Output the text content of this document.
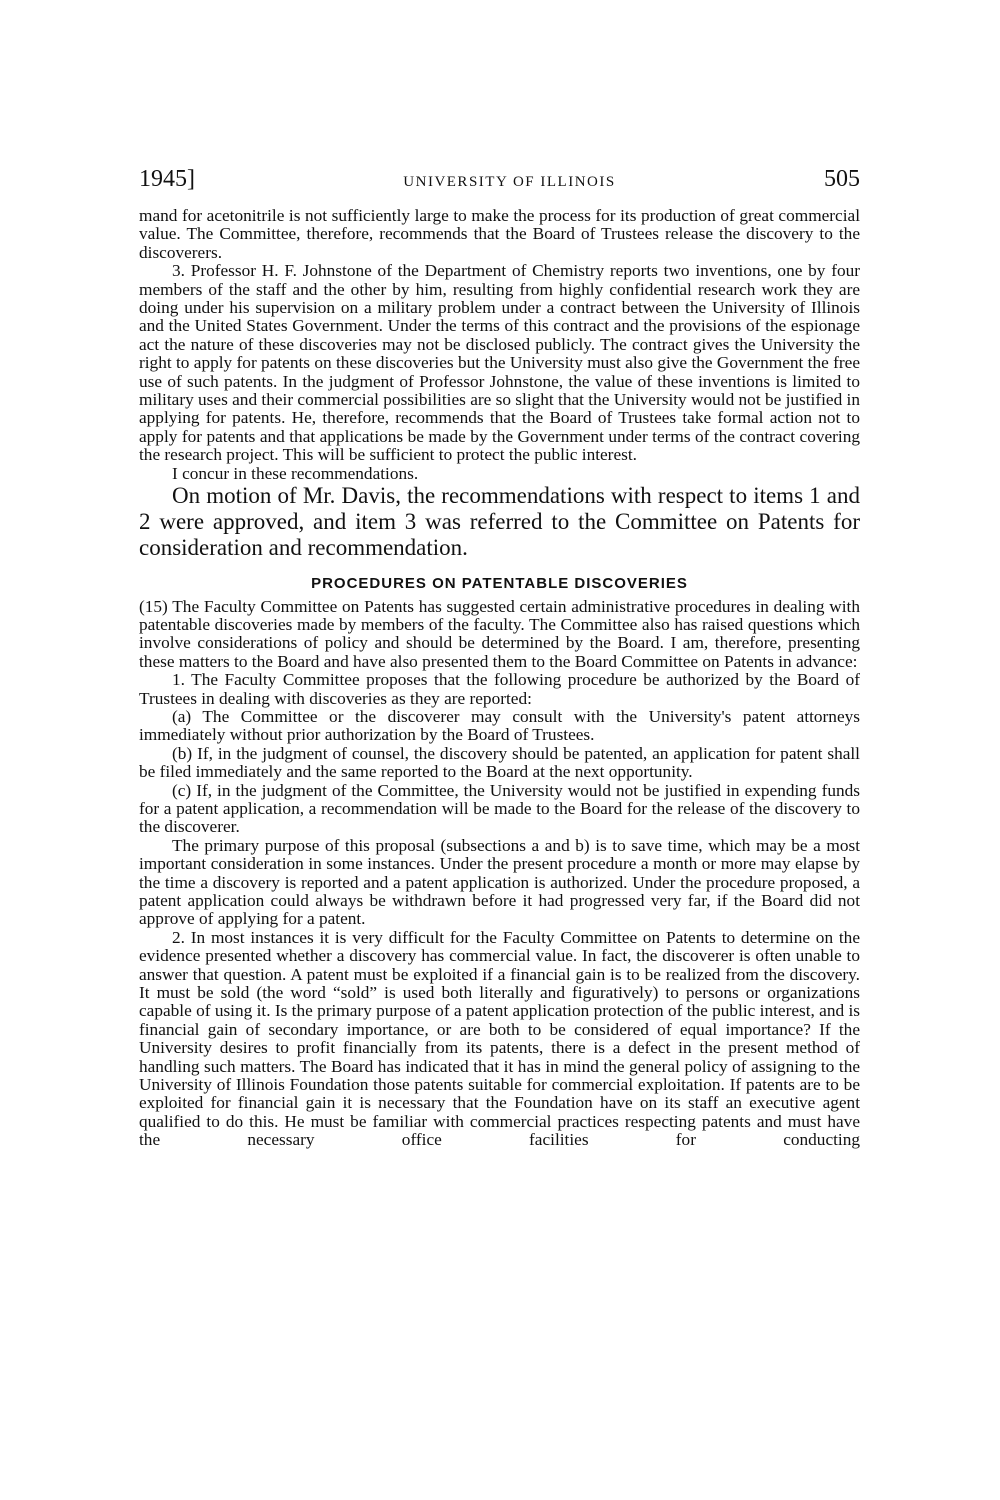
1945]	UNIVERSITY OF ILLINOIS	505

mand for acetonitrile is not sufficiently large to make the process for its production of great commercial value. The Committee, therefore, recommends that the Board of Trustees release the discovery to the discoverers.

3. Professor H. F. Johnstone of the Department of Chemistry reports two inventions, one by four members of the staff and the other by him, resulting from highly confidential research work they are doing under his supervision on a military problem under a contract between the University of Illinois and the United States Government. Under the terms of this contract and the provisions of the espionage act the nature of these discoveries may not be disclosed publicly. The contract gives the University the right to apply for patents on these discoveries but the University must also give the Government the free use of such patents. In the judgment of Professor Johnstone, the value of these inventions is limited to military uses and their commercial possibilities are so slight that the University would not be justified in applying for patents. He, therefore, recommends that the Board of Trustees take formal action not to apply for patents and that applications be made by the Government under terms of the contract covering the research project. This will be sufficient to protect the public interest.

I concur in these recommendations.

On motion of Mr. Davis, the recommendations with respect to items 1 and 2 were approved, and item 3 was referred to the Committee on Patents for consideration and recommendation.

PROCEDURES ON PATENTABLE DISCOVERIES

(15) The Faculty Committee on Patents has suggested certain administrative procedures in dealing with patentable discoveries made by members of the faculty. The Committee also has raised questions which involve considerations of policy and should be determined by the Board. I am, therefore, presenting these matters to the Board and have also presented them to the Board Committee on Patents in advance:

1. The Faculty Committee proposes that the following procedure be authorized by the Board of Trustees in dealing with discoveries as they are reported:

(a) The Committee or the discoverer may consult with the University's patent attorneys immediately without prior authorization by the Board of Trustees.

(b) If, in the judgment of counsel, the discovery should be patented, an application for patent shall be filed immediately and the same reported to the Board at the next opportunity.

(c) If, in the judgment of the Committee, the University would not be justified in expending funds for a patent application, a recommendation will be made to the Board for the release of the discovery to the discoverer.

The primary purpose of this proposal (subsections a and b) is to save time, which may be a most important consideration in some instances. Under the present procedure a month or more may elapse by the time a discovery is reported and a patent application is authorized. Under the procedure proposed, a patent application could always be withdrawn before it had progressed very far, if the Board did not approve of applying for a patent.

2. In most instances it is very difficult for the Faculty Committee on Patents to determine on the evidence presented whether a discovery has commercial value. In fact, the discoverer is often unable to answer that question. A patent must be exploited if a financial gain is to be realized from the discovery. It must be sold (the word “sold” is used both literally and figuratively) to persons or organizations capable of using it. Is the primary purpose of a patent application protection of the public interest, and is financial gain of secondary importance, or are both to be considered of equal importance? If the University desires to profit financially from its patents, there is a defect in the present method of handling such matters. The Board has indicated that it has in mind the general policy of assigning to the University of Illinois Foundation those patents suitable for commercial exploitation. If patents are to be exploited for financial gain it is necessary that the Foundation have on its staff an executive agent qualified to do this. He must be familiar with commercial practices respecting patents and must have the necessary office facilities for conducting
